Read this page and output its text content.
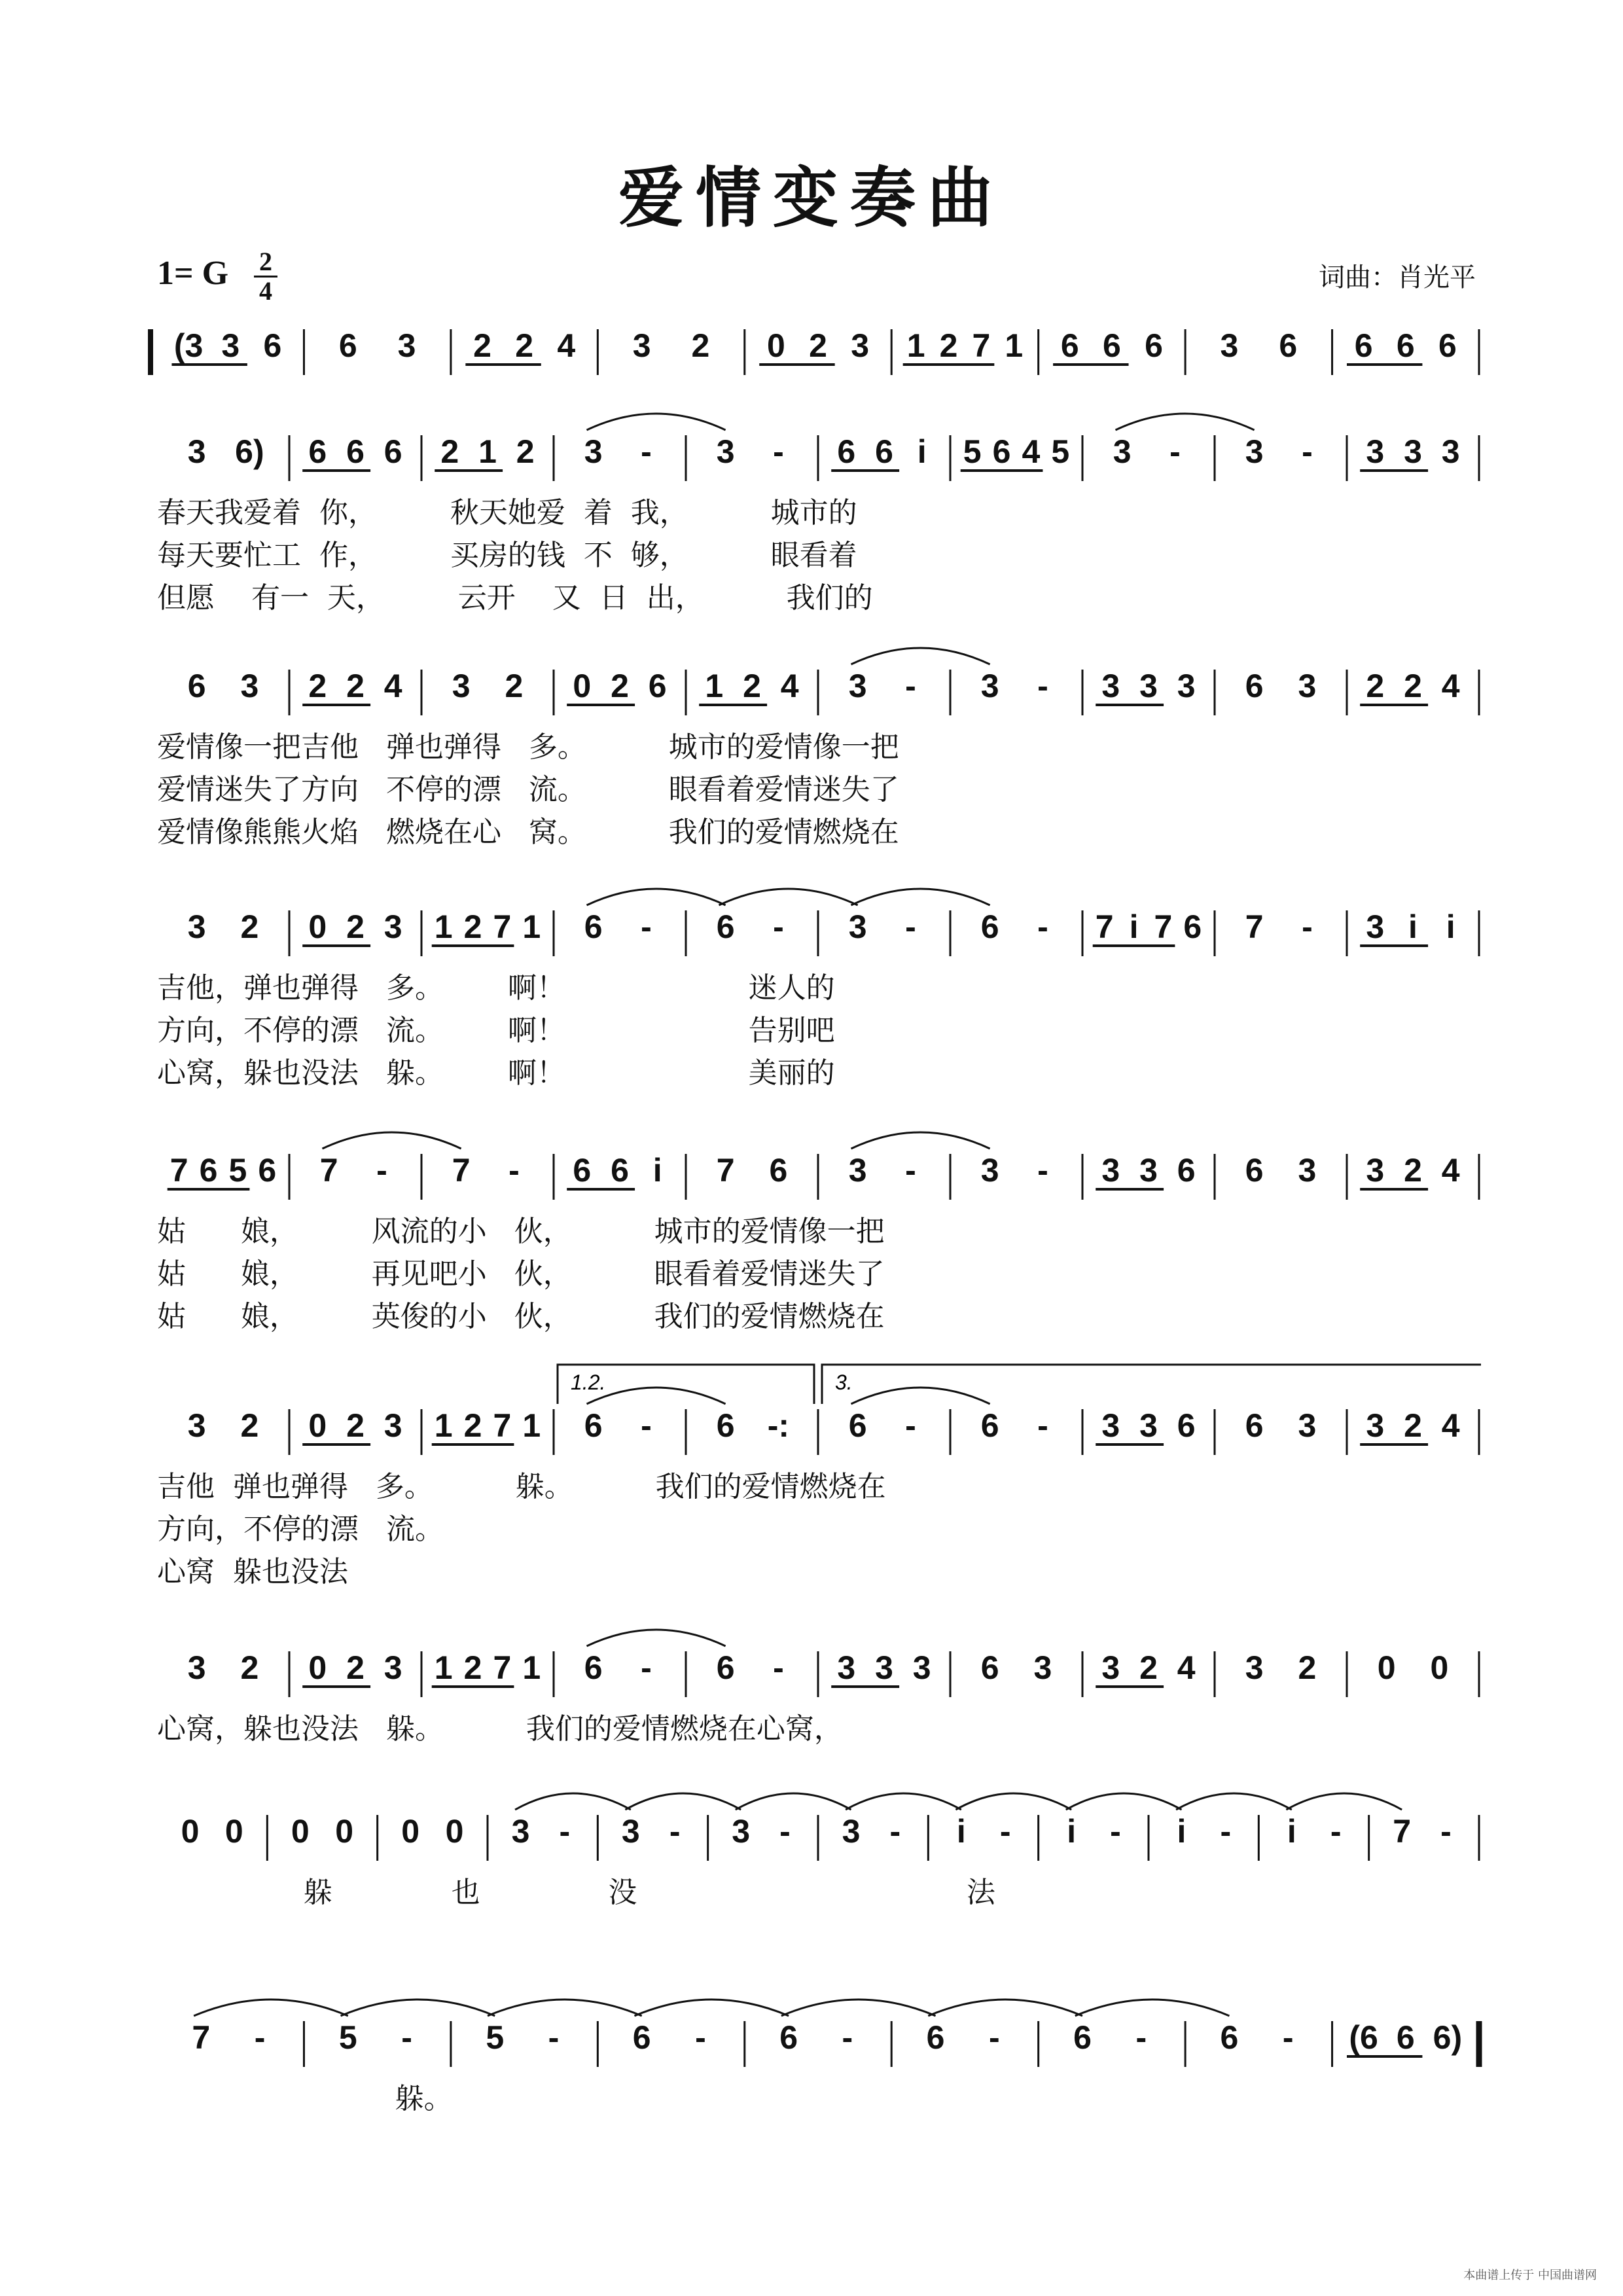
爱情变奏曲
1= G 2
4	词曲：肖光平
(3 3 6 6 3 2 2 4 3 2 0 2 3 1 2 7 1 6 6 6 3 6 6 6 6
3 6) 6 6 6 2 1 2 3 - 3 - 6 6 i 5 6 4 5 3 - 3 - 3 3 3
6 3 2 2 4 3 2 0 2 6 1 2 4 3 - 3 - 3 3 3 6 3 2 2 4
3 2 0 2 3 1 2 7 1 6 - 6 - 3 - 6 - 7 i 7 6 7 - 3 i i
7 6 5 6 7 - 7 - 6 6 i 7 6 3 - 3 - 3 3 6 6 3 3 2 4
3 2 0 2 3 1 2 7 1 6 - 6 -: 6 - 6 - 3 3 6 6 3 3 2 4
1.2.	3.
3 2 0 2 3 1 2 7 1 6 - 6 - 3 3 3 6 3 3 2 4 3 2 0 0
0 0 0 0 0 0 3 - 3 - 3 - 3 - i - i - i - i - 7 -
7 - 5 - 5 - 6 - 6 - 6 - 6 - 6 - (6 6 6)
春天我爱着  你，        秋天她爱  着  我，         城市的
每天要忙工  作，        买房的钱  不  够，         眼看着
但愿    有一  天，        云开    又  日  出，         我们的
爱情像一把吉他   弹也弹得   多。         城市的爱情像一把
爱情迷失了方向   不停的漂   流。         眼看着爱情迷失了
爱情像熊熊火焰   燃烧在心   窝。         我们的爱情燃烧在
吉他，弹也弹得   多。       啊！                    迷人的
方向，不停的漂   流。       啊！                    告别吧
心窝，躲也没法   躲。       啊！                    美丽的
姑      娘，        风流的小   伙，         城市的爱情像一把
姑      娘，        再见吧小   伙，         眼看着爱情迷失了
姑      娘，        英俊的小   伙，         我们的爱情燃烧在
吉他  弹也弹得   多。         躲。         我们的爱情燃烧在
方向，不停的漂   流。
心窝  躲也没法
心窝，躲也没法   躲。         我们的爱情燃烧在心窝，
躲             也              没                                    法
躲。
本曲谱上传于 中国曲谱网
